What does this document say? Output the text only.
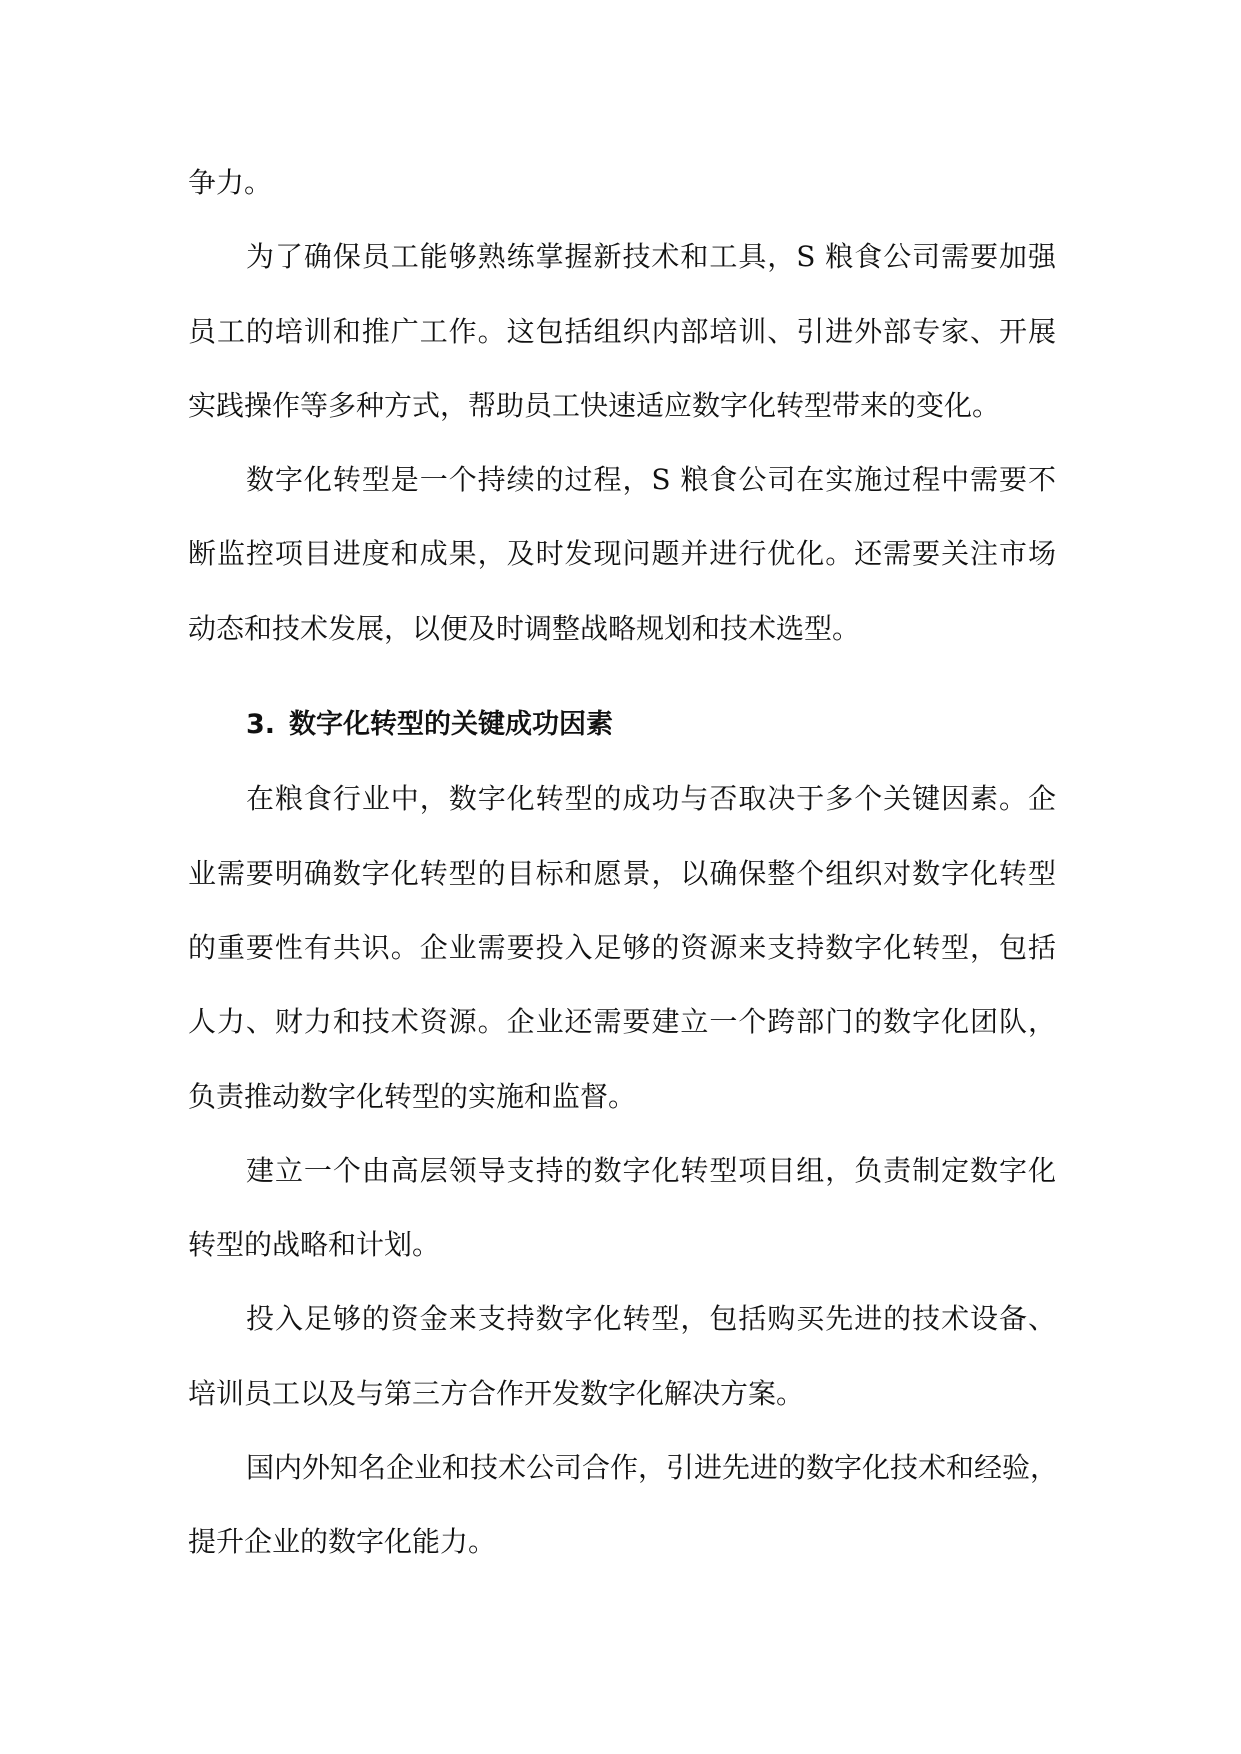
争力。
为了确保员工能够熟练掌握新技术和工具，S 粮食公司需要加强
员工的培训和推广工作。这包括组织内部培训、引进外部专家、开展
实践操作等多种方式，帮助员工快速适应数字化转型带来的变化。
数字化转型是一个持续的过程，S 粮食公司在实施过程中需要不
断监控项目进度和成果，及时发现问题并进行优化。还需要关注市场
动态和技术发展，以便及时调整战略规划和技术选型。
3. 数字化转型的关键成功因素
在粮食行业中，数字化转型的成功与否取决于多个关键因素。企
业需要明确数字化转型的目标和愿景，以确保整个组织对数字化转型
的重要性有共识。企业需要投入足够的资源来支持数字化转型，包括
人力、财力和技术资源。企业还需要建立一个跨部门的数字化团队，
负责推动数字化转型的实施和监督。
建立一个由高层领导支持的数字化转型项目组，负责制定数字化
转型的战略和计划。
投入足够的资金来支持数字化转型，包括购买先进的技术设备、
培训员工以及与第三方合作开发数字化解决方案。
国内外知名企业和技术公司合作，引进先进的数字化技术和经验，
提升企业的数字化能力。
